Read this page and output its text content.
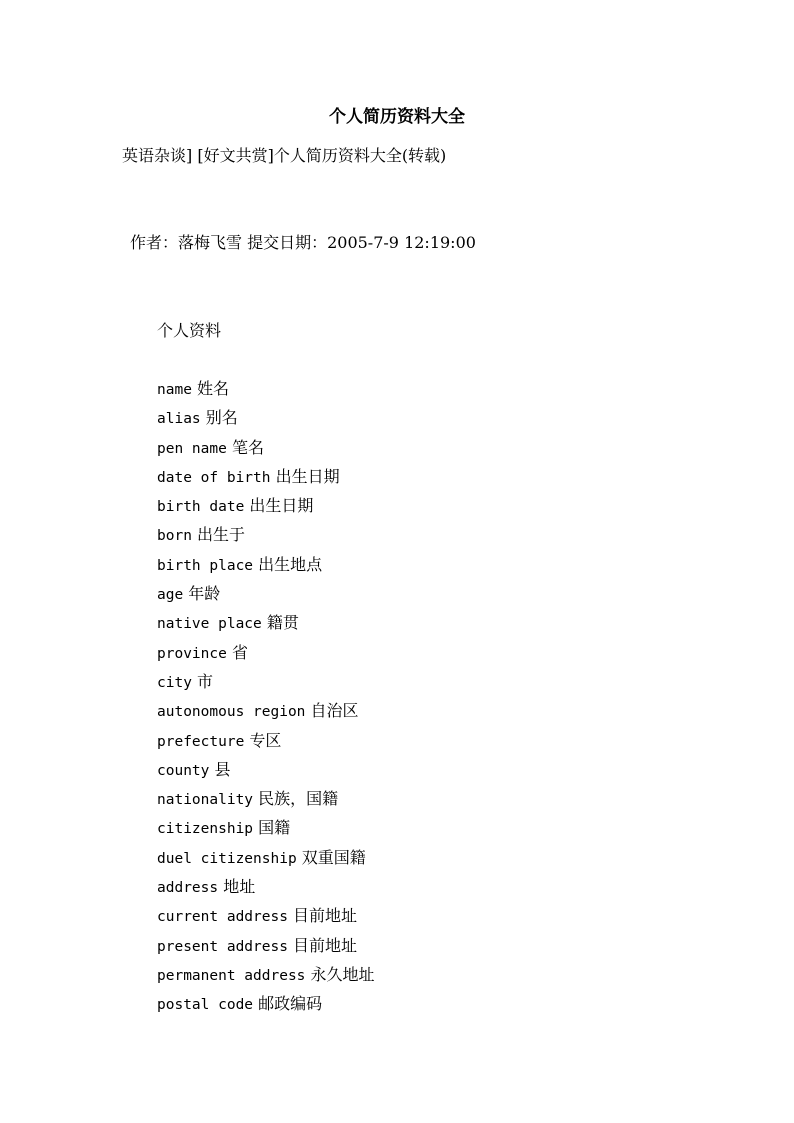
个人简历资料大全
英语杂谈] [好文共赏]个人简历资料大全(转载)
作者：落梅飞雪 提交日期：2005-7-9 12:19:00
个人资料
name 姓名
alias 别名
pen name 笔名
date of birth 出生日期
birth date 出生日期
born 出生于
birth place 出生地点
age 年龄
native place 籍贯
province 省
city 市
autonomous region 自治区
prefecture 专区
county 县
nationality 民族，国籍
citizenship 国籍
duel citizenship 双重国籍
address 地址
current address 目前地址
present address 目前地址
permanent address 永久地址
postal code 邮政编码
